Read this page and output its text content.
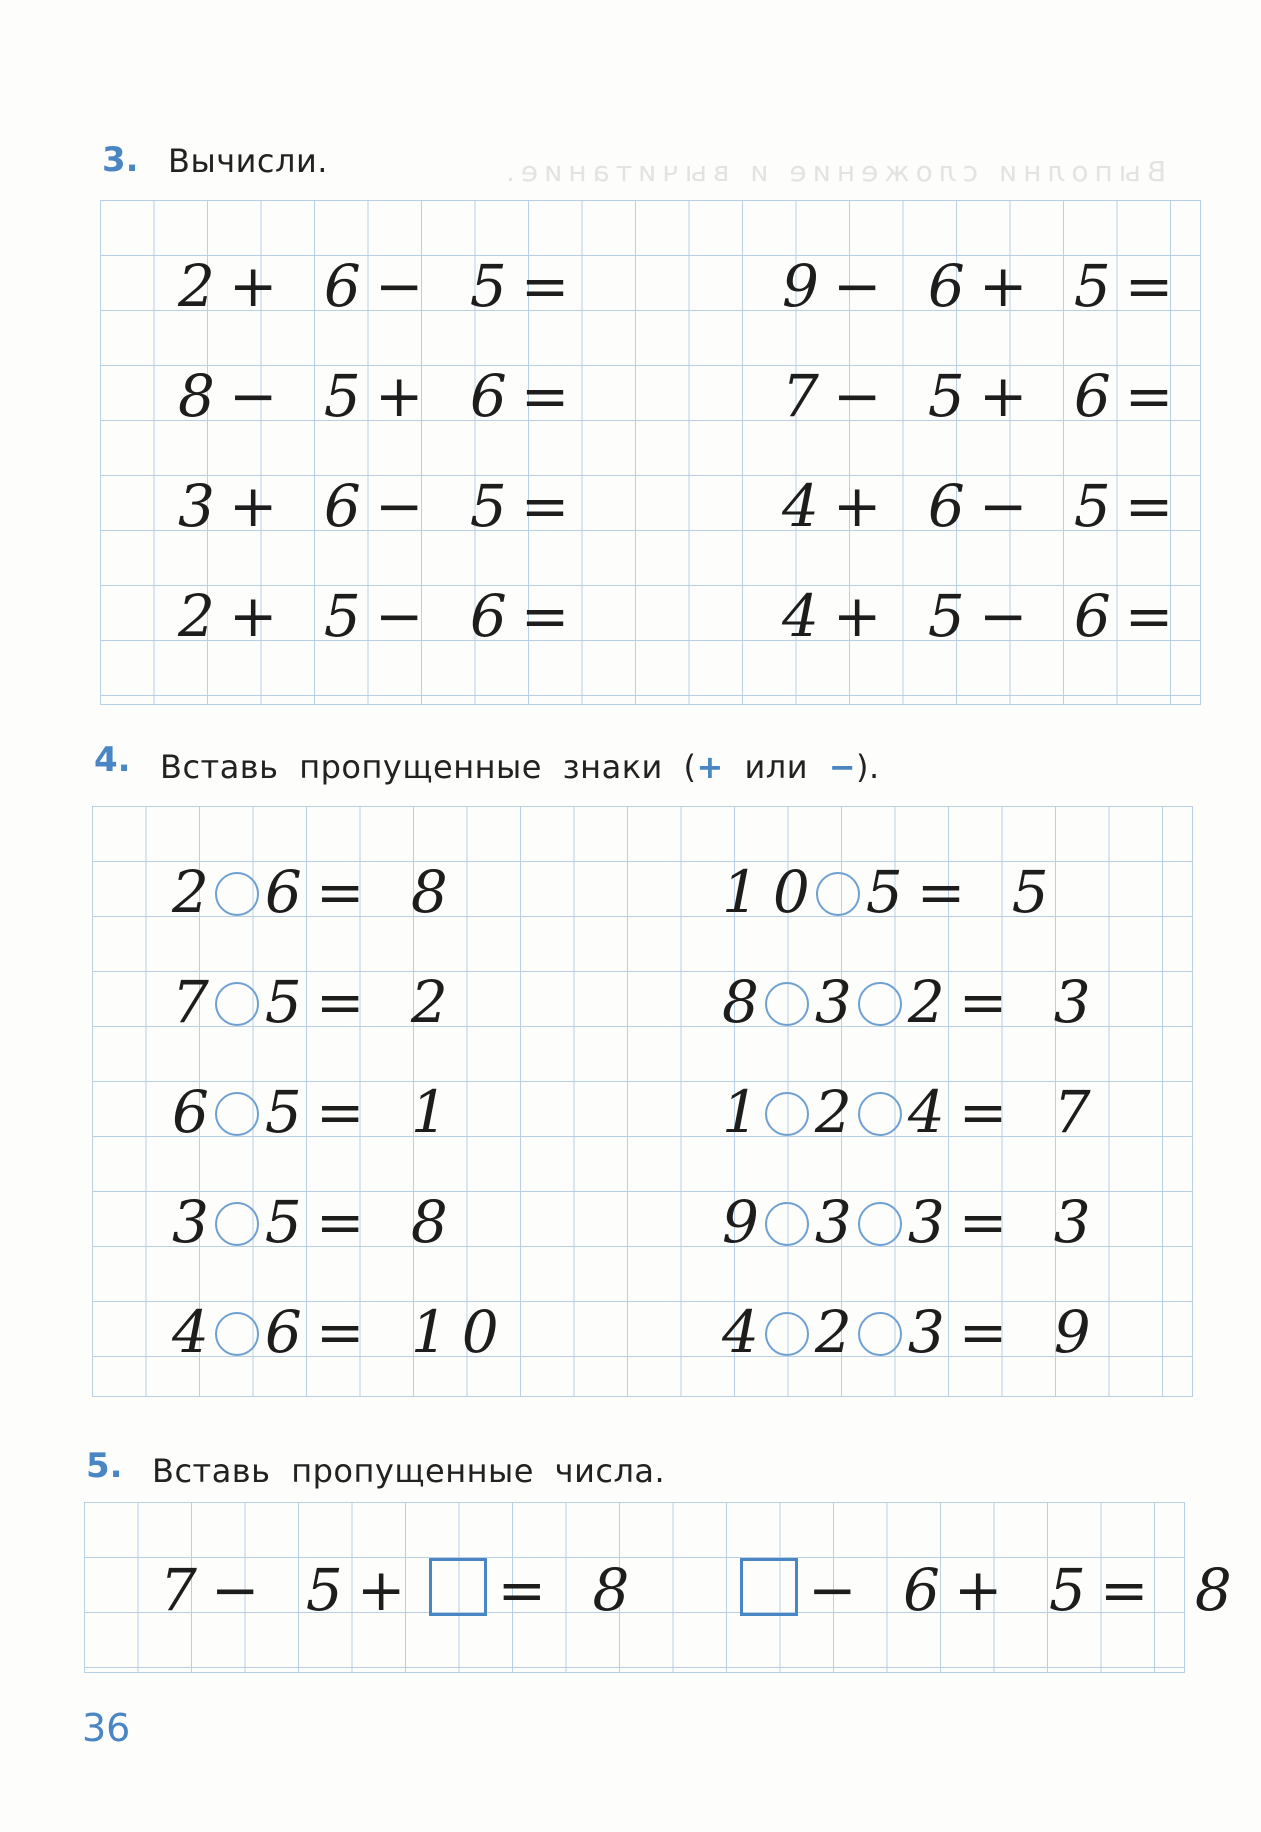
Выполни сложение и вычитание.
3. Вычисли.
2+ 6− 5=
8− 5+ 6=
3+ 6− 5=
2+ 5− 6=
9− 6+ 5=
7− 5+ 6=
4+ 6− 5=
4+ 5− 6=
4. Вставь пропущенные знаки (+ или −).
2 6= 8
7 5= 2
6 5= 1
3 5= 8
4 6= 10
10 5= 5
8 3 2= 3
1 2 4= 7
9 3 3= 3
4 2 3= 9
5. Вставь пропущенные числа.
7− 5+ = 8	− 6+ 5= 8
36
